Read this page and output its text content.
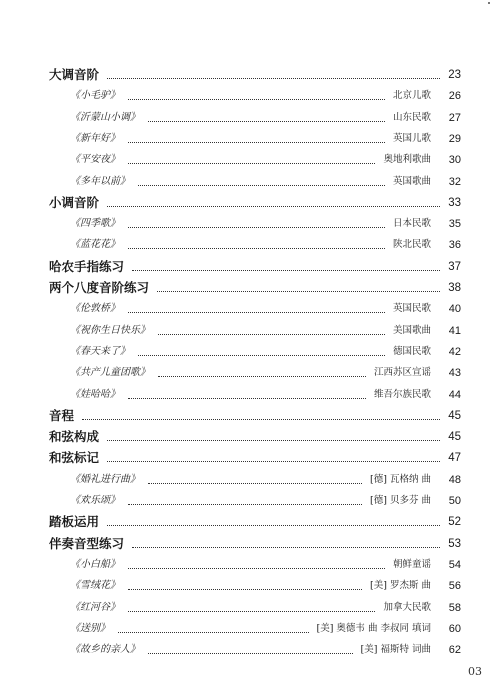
大调音阶	23
《小毛驴》	北京儿歌 26
《沂蒙山小调》	山东民歌 27
《新年好》	英国儿歌 29
《平安夜》	奥地利歌曲 30
《多年以前》	英国歌曲 32
小调音阶	33
《四季歌》	日本民歌 35
《蓝花花》	陕北民歌 36
哈农手指练习	37
两个八度音阶练习	38
《伦敦桥》	英国民歌 40
《祝你生日快乐》	美国歌曲 41
《春天来了》	德国民歌 42
《共产儿童团歌》	江西苏区宣谣 43
《娃哈哈》	维吾尔族民歌 44
音程	45
和弦构成	45
和弦标记	47
《婚礼进行曲》	[德] 瓦格纳 曲 48
《欢乐颂》	[德] 贝多芬 曲 50
踏板运用	52
伴奏音型练习	53
《小白船》	朝鲜童谣 54
《雪绒花》	[美] 罗杰斯 曲 56
《红河谷》	加拿大民歌 58
《送别》	[美] 奥德韦 曲 李叔同 填词 60
《故乡的亲人》	[美] 福斯特 词曲 62
03
